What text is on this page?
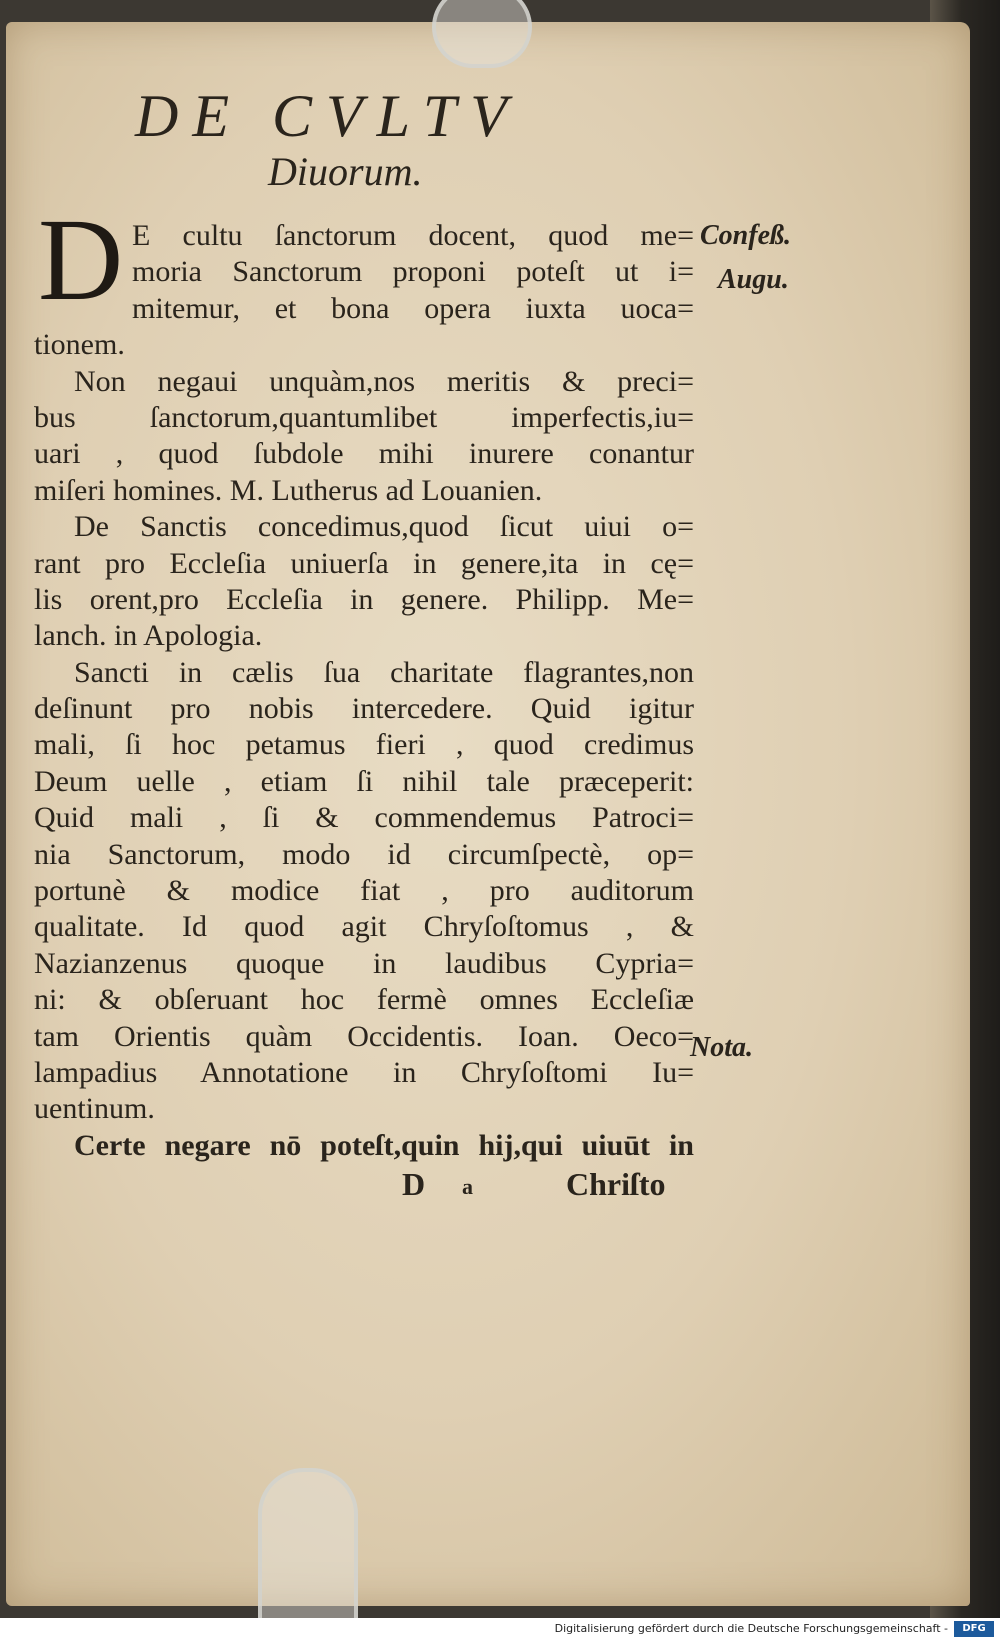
DE CVLTV
Diuorum.
D E cultu ſanctorum docent, quod me=
moria Sanctorum proponi poteſt ut i=
mitemur, et bona opera iuxta uoca=
tionem.
Non negaui unquàm,nos meritis & preci=
bus ſanctorum,quantumlibet imperfectis,iu=
uari , quod ſubdole mihi inurere conantur
miſeri homines. M. Lutherus ad Louanien.
De Sanctis concedimus,quod ſicut uiui o=
rant pro Eccleſia uniuerſa in genere,ita in cę=
lis orent,pro Eccleſia in genere. Philipp. Me=
lanch. in Apologia.
Sancti in cælis ſua charitate flagrantes,non
deſinunt pro nobis intercedere. Quid igitur
mali, ſi hoc petamus fieri , quod credimus
Deum uelle , etiam ſi nihil tale præceperit:
Quid mali , ſi & commendemus Patroci=
nia Sanctorum, modo id circumſpectè, op=
portunè & modice fiat , pro auditorum
qualitate. Id quod agit Chryſoſtomus , &
Nazianzenus quoque in laudibus Cypria=
ni: & obſeruant hoc fermè omnes Eccleſiæ
tam Orientis quàm Occidentis. Ioan. Oeco=
lampadius Annotatione in Chryſoſtomi Iu=
uentinum.
Certe negare nō poteſt,quin hij,qui uiuūt in
Confeß.
Augu.
Nota.
D a	Chriſto
Digitalisierung gefördert durch die Deutsche Forschungsgemeinschaft -	DFG
